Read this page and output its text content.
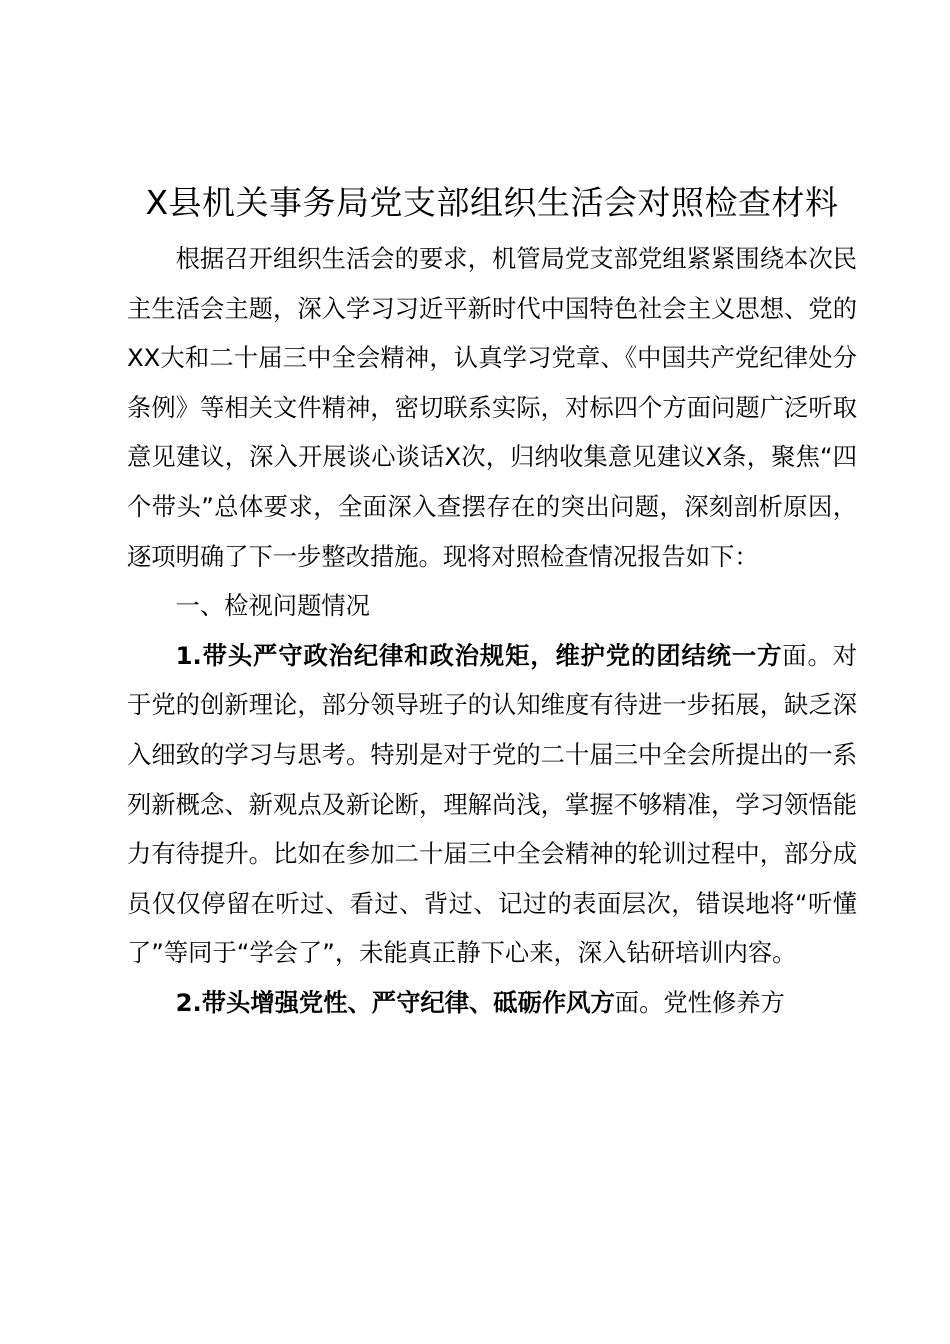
X县机关事务局党支部组织生活会对照检查材料

根据召开组织生活会的要求，机管局党支部党组紧紧围绕本次民主生活会主题，深入学习习近平新时代中国特色社会主义思想、党的XX大和二十届三中全会精神，认真学习党章、《中国共产党纪律处分条例》等相关文件精神，密切联系实际，对标四个方面问题广泛听取意见建议，深入开展谈心谈话X次，归纳收集意见建议X条，聚焦“四个带头”总体要求，全面深入查摆存在的突出问题，深刻剖析原因，逐项明确了下一步整改措施。现将对照检查情况报告如下：

一、检视问题情况

1.带头严守政治纪律和政治规矩，维护党的团结统一方面。对于党的创新理论，部分领导班子的认知维度有待进一步拓展，缺乏深入细致的学习与思考。特别是对于党的二十届三中全会所提出的一系列新概念、新观点及新论断，理解尚浅，掌握不够精准，学习领悟能力有待提升。比如在参加二十届三中全会精神的轮训过程中，部分成员仅仅停留在听过、看过、背过、记过的表面层次，错误地将“听懂了”等同于“学会了”，未能真正静下心来，深入钻研培训内容。

2.带头增强党性、严守纪律、砥砺作风方面。党性修养方
